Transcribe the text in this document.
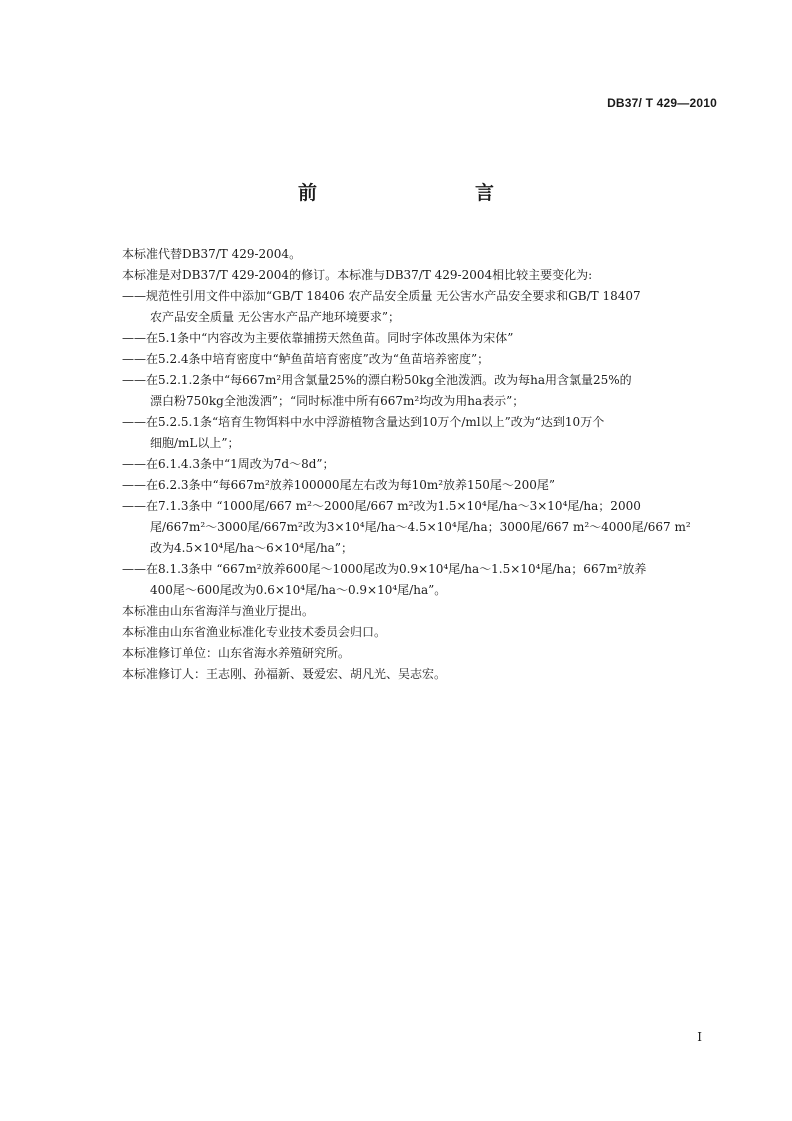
DB37/ T 429—2010
前　　言
本标准代替DB37/T 429-2004。
本标准是对DB37/T 429-2004的修订。本标准与DB37/T 429-2004相比较主要变化为:
——规范性引用文件中添加“GB/T 18406 农产品安全质量 无公害水产品安全要求和GB/T 18407
农产品安全质量 无公害水产品产地环境要求”；
——在5.1条中“内容改为主要依靠捕捞天然鱼苗。同时字体改黑体为宋体”
——在5.2.4条中培育密度中“鲈鱼苗培育密度”改为“鱼苗培养密度”；
——在5.2.1.2条中“每667m²用含氯量25%的漂白粉50kg全池泼洒。改为每ha用含氯量25%的
漂白粉750kg全池泼洒”；“同时标准中所有667m²均改为用ha表示”；
——在5.2.5.1条“培育生物饵料中水中浮游植物含量达到10万个/ml以上”改为“达到10万个
细胞/mL以上”；
——在6.1.4.3条中“1周改为7d～8d”；
——在6.2.3条中“每667m²放养100000尾左右改为每10m²放养150尾～200尾”
——在7.1.3条中 “1000尾/667 m²～2000尾/667 m²改为1.5×10⁴尾/ha～3×10⁴尾/ha；2000
尾/667m²～3000尾/667m²改为3×10⁴尾/ha～4.5×10⁴尾/ha；3000尾/667 m²～4000尾/667 m²
改为4.5×10⁴尾/ha～6×10⁴尾/ha”；
——在8.1.3条中 “667m²放养600尾～1000尾改为0.9×10⁴尾/ha～1.5×10⁴尾/ha；667m²放养
400尾～600尾改为0.6×10⁴尾/ha～0.9×10⁴尾/ha”。
本标准由山东省海洋与渔业厅提出。
本标准由山东省渔业标准化专业技术委员会归口。
本标准修订单位：山东省海水养殖研究所。
本标准修订人：王志刚、孙福新、聂爱宏、胡凡光、吴志宏。
I
